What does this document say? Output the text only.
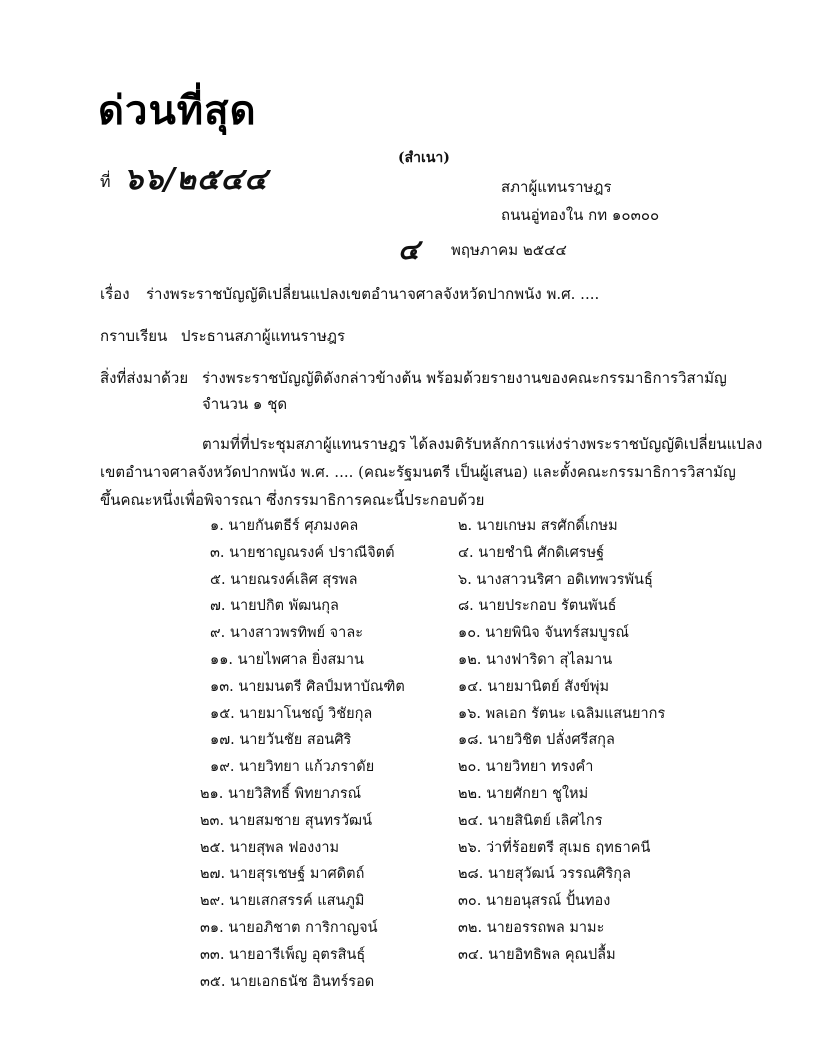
ด่วนที่สุด
ที่ ๖๖/๒๕๔๔
(สำเนา)
สภาผู้แทนราษฎร
ถนนอู่ทองใน กท ๑๐๓๐๐
๔ พฤษภาคม ๒๕๔๔
เรื่อง ร่างพระราชบัญญัติเปลี่ยนแปลงเขตอำนาจศาลจังหวัดปากพนัง พ.ศ. ....
กราบเรียน ประธานสภาผู้แทนราษฎร
สิ่งที่ส่งมาด้วย ร่างพระราชบัญญัติดังกล่าวข้างต้น พร้อมด้วยรายงานของคณะกรรมาธิการวิสามัญ
จำนวน ๑ ชุด
ตามที่ที่ประชุมสภาผู้แทนราษฎร ได้ลงมติรับหลักการแห่งร่างพระราชบัญญัติเปลี่ยนแปลง
เขตอำนาจศาลจังหวัดปากพนัง พ.ศ. .... (คณะรัฐมนตรี เป็นผู้เสนอ) และตั้งคณะกรรมาธิการวิสามัญ
ขึ้นคณะหนึ่งเพื่อพิจารณา ซึ่งกรรมาธิการคณะนี้ประกอบด้วย
๑. นายกันตธีร์ ศุภมงคล	๒. นายเกษม สรศักดิ์เกษม
๓. นายชาญณรงค์ ปราณีจิตต์	๔. นายชำนิ ศักดิเศรษฐ์
๕. นายณรงค์เลิศ สุรพล	๖. นางสาวนริศา อดิเทพวรพันธุ์
๗. นายปกิต พัฒนกุล	๘. นายประกอบ รัตนพันธ์
๙. นางสาวพรทิพย์ จาละ	๑๐. นายพินิจ จันทร์สมบูรณ์
๑๑. นายไพศาล ยิ่งสมาน	๑๒. นางฟาริดา สุไลมาน
๑๓. นายมนตรี ศิลป์มหาบัณฑิต	๑๔. นายมานิตย์ สังข์พุ่ม
๑๕. นายมาโนชญ์ วิชัยกุล	๑๖. พลเอก รัตนะ เฉลิมแสนยากร
๑๗. นายวันชัย สอนศิริ	๑๘. นายวิชิต ปลั่งศรีสกุล
๑๙. นายวิทยา แก้วภราดัย	๒๐. นายวิทยา ทรงคำ
๒๑. นายวิสิทธิ์ พิทยาภรณ์	๒๒. นายศักยา ชูใหม่
๒๓. นายสมชาย สุนทรวัฒน์	๒๔. นายสินิตย์ เลิศไกร
๒๕. นายสุพล ฟองงาม	๒๖. ว่าที่ร้อยตรี สุเมธ ฤทธาคนี
๒๗. นายสุรเชษฐ์ มาศดิตถ์	๒๘. นายสุวัฒน์ วรรณศิริกุล
๒๙. นายเสกสรรค์ แสนภูมิ	๓๐. นายอนุสรณ์ ปั้นทอง
๓๑. นายอภิชาต การิกาญจน์	๓๒. นายอรรถพล มามะ
๓๓. นายอารีเพ็ญ อุตรสินธุ์	๓๔. นายอิทธิพล คุณปลื้ม
๓๕. นายเอกธนัช อินทร์รอด
